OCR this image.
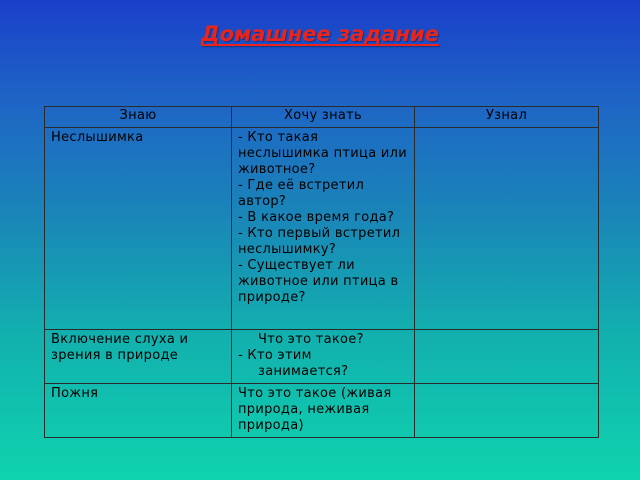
Домашнее задание
Знаю	Хочу знать	Узнал
Неслышимка	- Кто такая неслышимка птица или животное?
- Где её встретил автор?
- В какое время года?
- Кто первый встретил неслышимку?
- Существует ли животное или птица в природе?	

Включение слуха и зрения в природе	Что это такое?
- Кто этим
занимается?	

Пожня	Что это такое (живая природа, неживая природа)	
